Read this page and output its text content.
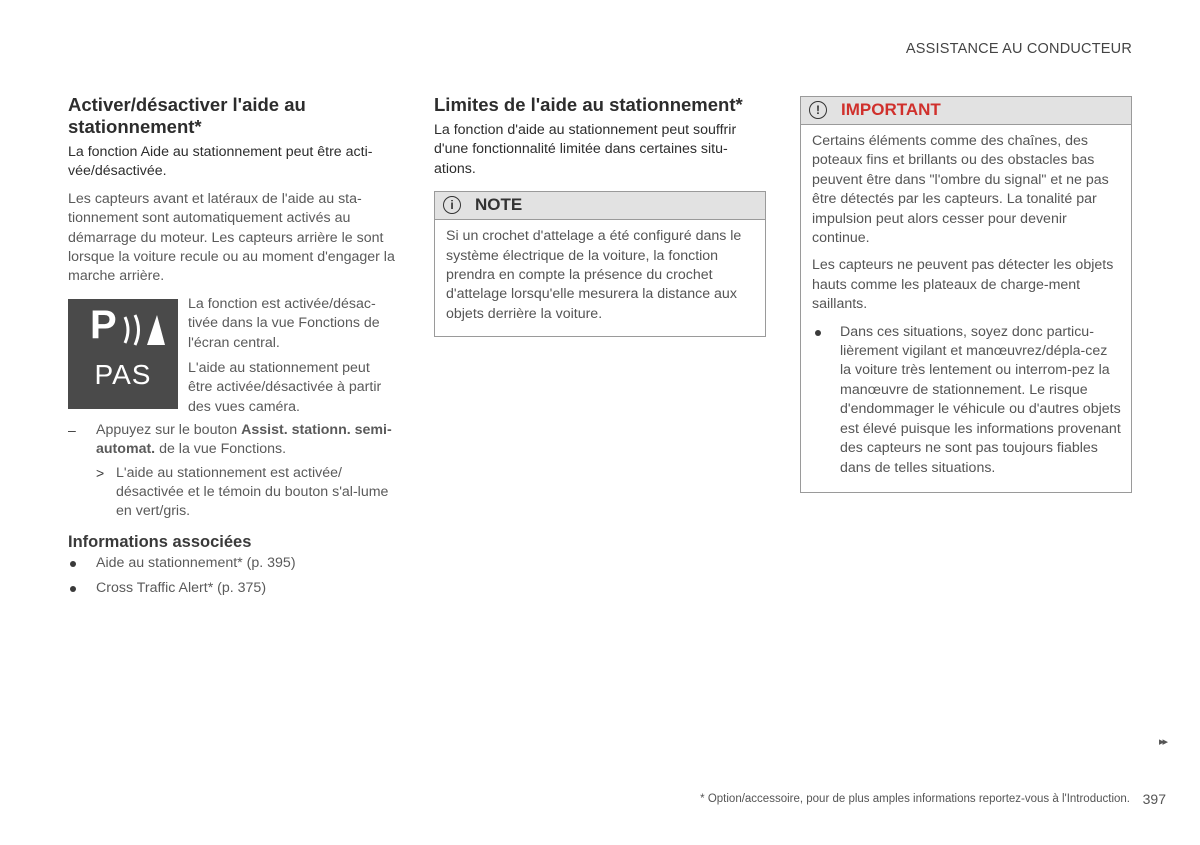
ASSISTANCE AU CONDUCTEUR
Activer/désactiver l'aide au stationnement*

La fonction Aide au stationnement peut être acti-vée/désactivée.

Les capteurs avant et latéraux de l'aide au sta-tionnement sont automatiquement activés au démarrage du moteur. Les capteurs arrière le sont lorsque la voiture recule ou au moment d'engager la marche arrière.

P
PAS

La fonction est activée/désac-tivée dans la vue Fonctions de l'écran central.

L'aide au stationnement peut être activée/désactivée à partir des vues caméra.

– Appuyez sur le bouton Assist. stationn. semi-automat. de la vue Fonctions.

> L'aide au stationnement est activée/ désactivée et le témoin du bouton s'al-lume en vert/gris.

Informations associées

Aide au stationnement* (p. 395)

Cross Traffic Alert* (p. 375)

Limites de l'aide au stationnement*

La fonction d'aide au stationnement peut souffrir d'une fonctionnalité limitée dans certaines situ-ations.

i	NOTE

Si un crochet d'attelage a été configuré dans le système électrique de la voiture, la fonction prendra en compte la présence du crochet d'attelage lorsqu'elle mesurera la distance aux objets derrière la voiture.

!	IMPORTANT

Certains éléments comme des chaînes, des poteaux fins et brillants ou des obstacles bas peuvent être dans "l'ombre du signal" et ne pas être détectés par les capteurs. La tonalité par impulsion peut alors cesser pour devenir continue.

Les capteurs ne peuvent pas détecter les objets hauts comme les plateaux de charge-ment saillants.

Dans ces situations, soyez donc particu-lièrement vigilant et manœuvrez/dépla-cez la voiture très lentement ou interrom-pez la manœuvre de stationnement. Le risque d'endommager le véhicule ou d'autres objets est élevé puisque les informations provenant des capteurs ne sont pas toujours fiables dans de telles situations.

▸▸
* Option/accessoire, pour de plus amples informations reportez-vous à l'Introduction. 397
